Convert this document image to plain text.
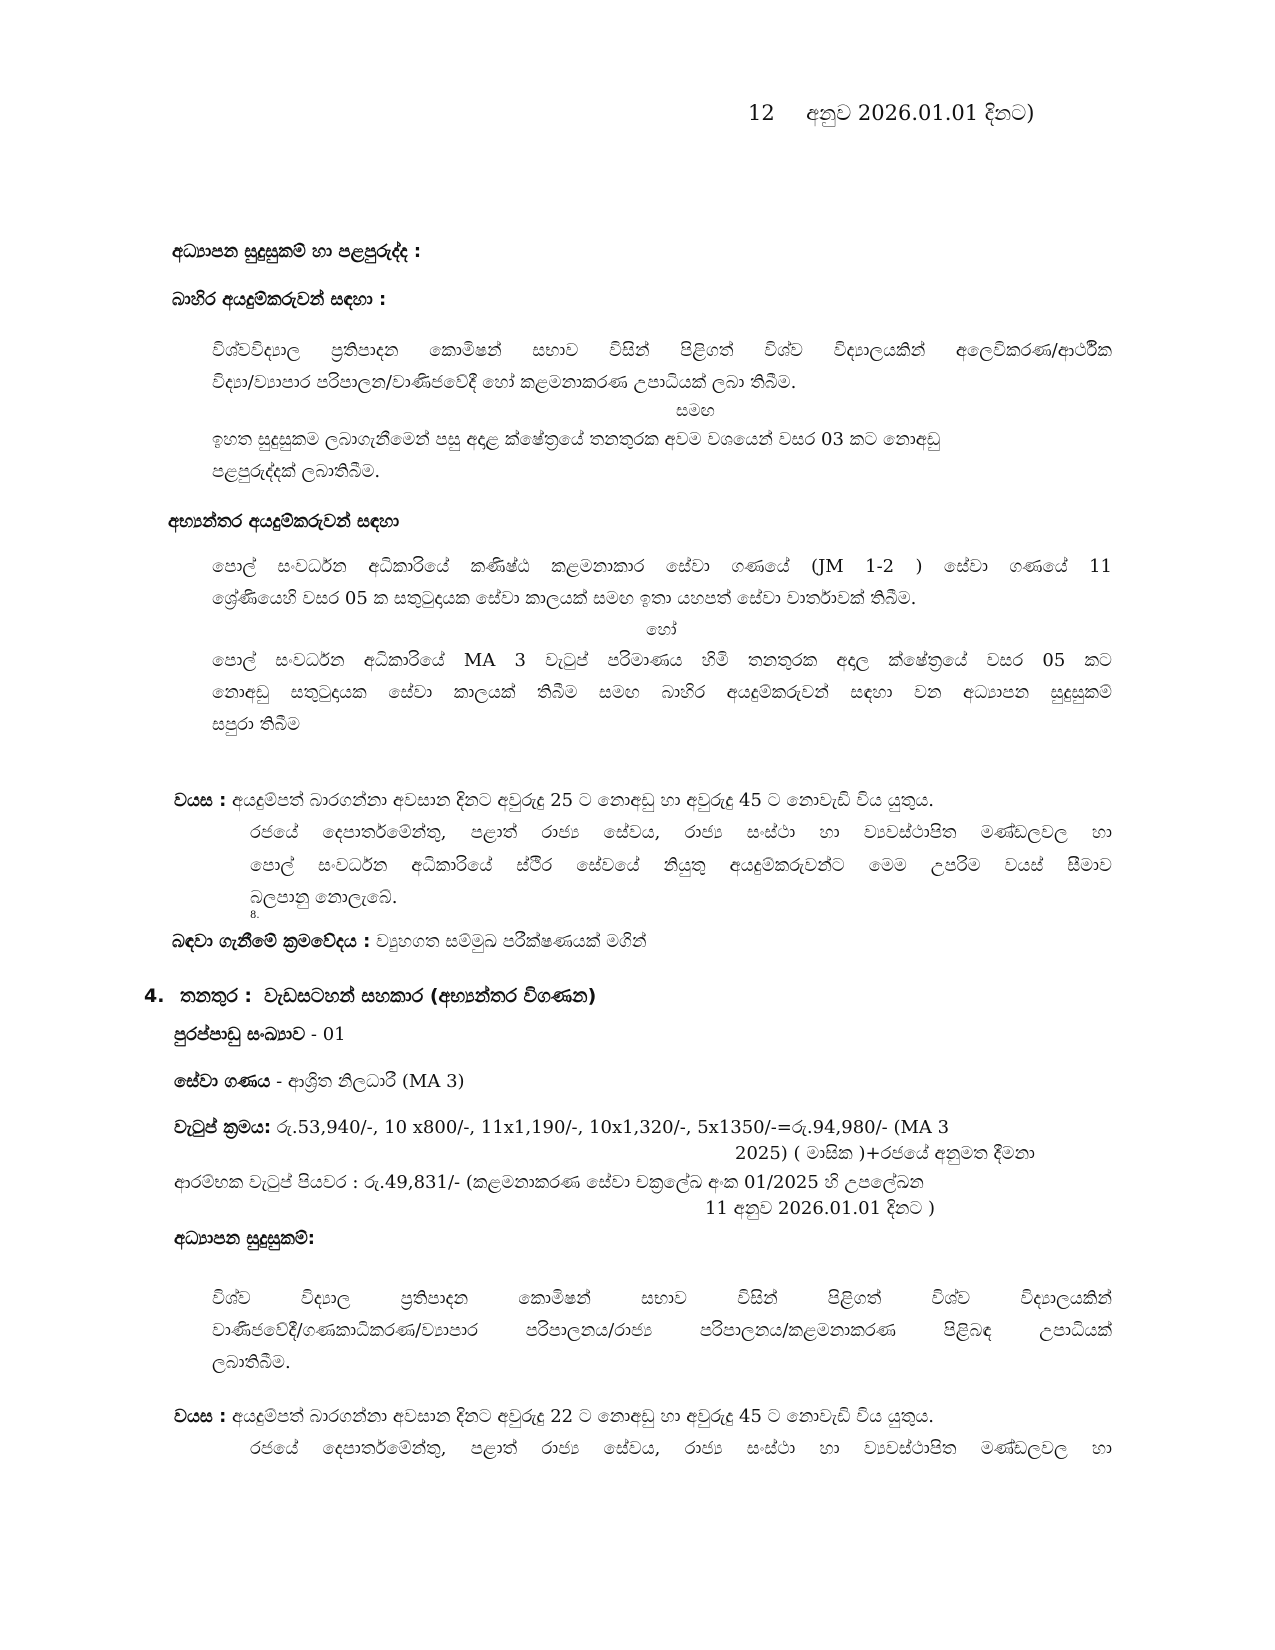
12 අනුව 2026.01.01 දිනට)
අධ්‍යාපන සුදුසුකම් හා පළපුරුද්ද :
බාහිර අයදුම්කරුවන් සඳහා :
විශ්වවිද්‍යාල ප්‍රතිපාදන කොමිෂන් සභාව විසින් පිළිගත් විශ්ව විද්‍යාලයකින් අලෙවිකරණ/ආර්ථික
විද්‍යා/ව්‍යාපාර පරිපාලන/වාණිජවේදී හෝ කළමනාකරණ උපාධියක් ලබා තිබීම.
සමඟ
ඉහත සුදුසුකම ලබාගැනීමෙන් පසු අදාළ ක්ෂේත්‍රයේ තනතුරක අවම වශයෙන් වසර 03 කට නොඅඩු
පළපුරුද්දක් ලබාතිබීම.
අභ්‍යන්තර අයදුම්කරුවන් සඳහා
පොල් සංවර්ධන අධිකාරියේ කණිෂ්ඨ කළමනාකාර සේවා ගණයේ (JM 1-2 ) සේවා ගණයේ 11
ශ්‍රේණියෙහි වසර 05 ක සතුටුදායක සේවා කාලයක් සමඟ ඉතා යහපත් සේවා වාර්තාවක් තිබීම.
හෝ
පොල් සංවර්ධන අධිකාරියේ MA 3 වැටුප් පරිමාණය හිමි තනතුරක අදාල ක්ෂේත්‍රයේ වසර 05 කට
නොඅඩු සතුටුදායක සේවා කාලයක් තිබීම සමඟ බාහිර අයදුම්කරුවන් සඳහා වන අධ්‍යාපන සුදුසුකම්
සපුරා තිබීම
වයස : අයදුම්පත් බාරගන්නා අවසාන දිනට අවුරුදු 25 ට නොඅඩු හා අවුරුදු 45 ට නොවැඩි විය යුතුය.
රජයේ දෙපාර්තමේන්තු, පළාත් රාජ්‍ය සේවය, රාජ්‍ය සංස්ථා හා ව්‍යවස්ථාපිත මණ්ඩලවල හා
පොල් සංවර්ධන අධිකාරියේ ස්ථිර සේවයේ නියුතු අයදුම්කරුවන්ට මෙම උපරිම වයස් සීමාව
බලපානු නොලැබේ.
8.
බඳවා ගැනීමේ ක්‍රමවේදය : ව්‍යුහගත සම්මුඛ පරීක්ෂණයක් මගින්
4. තනතුර : වැඩසටහන් සහකාර (අභ්‍යන්තර විගණන)
පුරප්පාඩු සංඛ්‍යාව - 01
සේවා ගණය - ආශ්‍රිත නිලධාරී (MA 3)
වැටුප් ක්‍රමය: රු.53,940/-, 10 x800/-, 11x1,190/-, 10x1,320/-, 5x1350/-=රු.94,980/- (MA 3
2025) ( මාසික )+රජයේ අනුමත දීමනා
ආරම්භක වැටුප් පියවර : රු.49,831/- (කළමනාකරණ සේවා චක්‍රලේඛ අංක 01/2025 හි උපලේඛන
11 අනුව 2026.01.01 දිනට )
අධ්‍යාපන සුදුසුකම්:
විශ්ව විද්‍යාල ප්‍රතිපාදන කොමිෂන් සභාව විසින් පිළිගත් විශ්ව විද්‍යාලයකින්
වාණිජවේදී/ගණකාධිකරණ/ව්‍යාපාර පරිපාලනය/රාජ්‍ය පරිපාලනය/කළමනාකරණ පිළිබඳ උපාධියක්
ලබාතිබීම.
වයස : අයදුම්පත් බාරගන්නා අවසාන දිනට අවුරුදු 22 ට නොඅඩු හා අවුරුදු 45 ට නොවැඩි විය යුතුය.
රජයේ දෙපාර්තමේන්තු, පළාත් රාජ්‍ය සේවය, රාජ්‍ය සංස්ථා හා ව්‍යවස්ථාපිත මණ්ඩලවල හා
